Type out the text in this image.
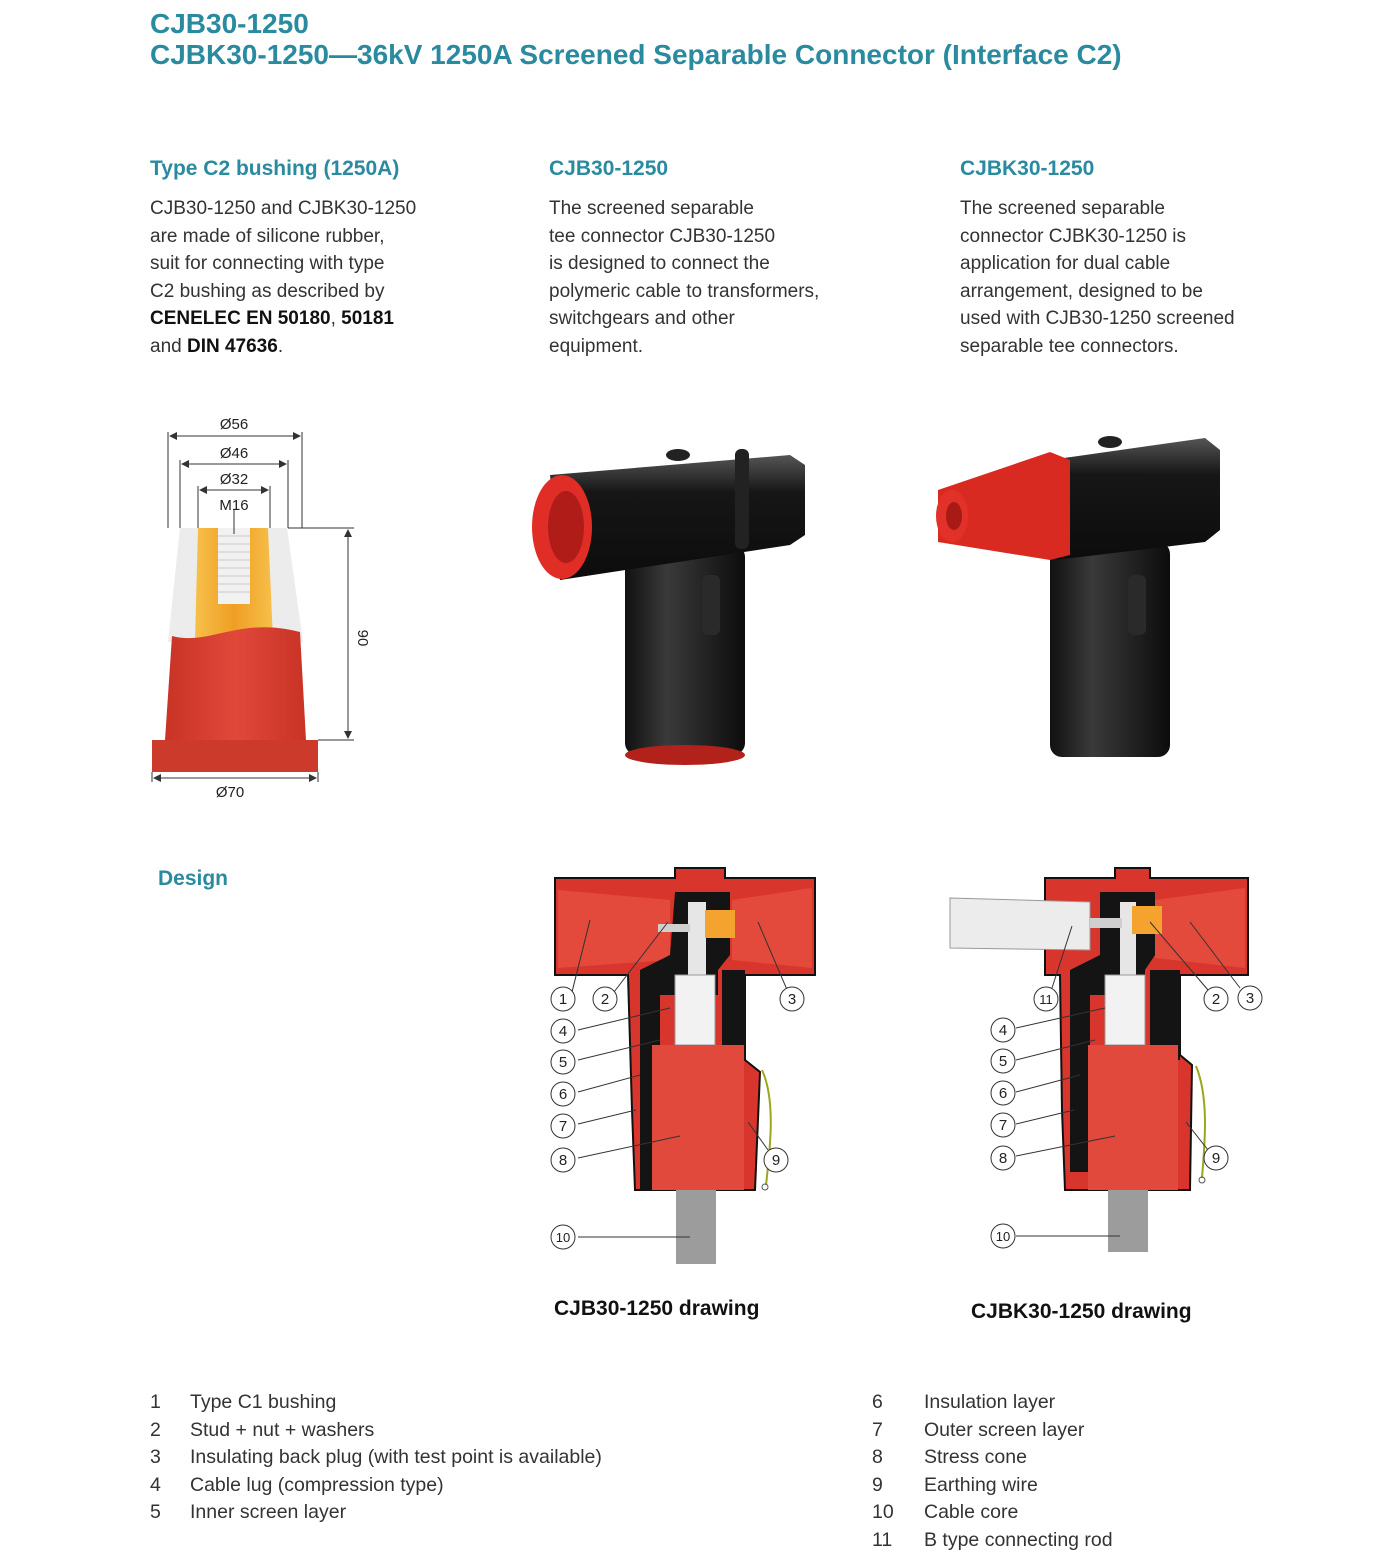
CJB30-1250
CJBK30-1250—36kV 1250A Screened Separable Connector (Interface C2)
Type C2 bushing (1250A)
CJB30-1250 and CJBK30-1250
are made of silicone rubber,
suit for connecting with type
C2 bushing as described by
CENELEC EN 50180, 50181
and DIN 47636.
CJB30-1250
The screened separable
tee connector CJB30-1250
is designed to connect the
polymeric cable to transformers,
switchgears and other
equipment.
CJBK30-1250
The screened separable
connector CJBK30-1250 is
application for dual cable
arrangement, designed to be
used with CJB30-1250 screened
separable tee connectors.
Ø56
Ø46
Ø32
M16
90
Ø70
Design
1 2	3
4
5
6
7
8	9
10
11	2 3
4
5
6
7
8	9
10
CJB30-1250 drawing	CJBK30-1250 drawing
1	Type C1 bushing
2	Stud + nut + washers
3	Insulating back plug (with test point is available)
4	Cable lug (compression type)
5	Inner screen layer
6	Insulation layer
7	Outer screen layer
8	Stress cone
9	Earthing wire
10	Cable core
11	B type connecting rod
